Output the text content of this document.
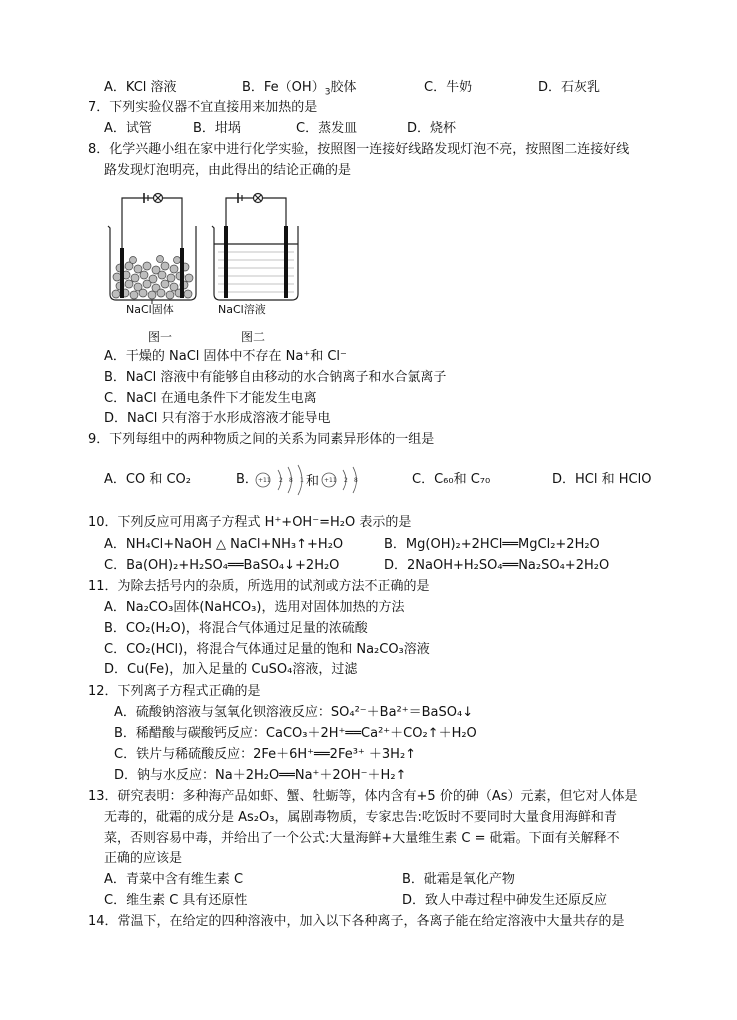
A．KCl 溶液	B．$Fe(OH)_3$胶体	C．牛奶	D．石灰乳
7．下列实验仪器不宜直接用来加热的是
A．试管	B．坩埚	C．蒸发皿	D．烧杯
8．化学兴趣小组在家中进行化学实验，按照图一连接好线路发现灯泡不亮，按照图二连接好线
路发现灯泡明亮，由此得出的结论正确的是
NaCl固体	NaCl溶液
图一	图二
A．干燥的 NaCl 固体中不存在 Na⁺和 Cl⁻
B．NaCl 溶液中有能够自由移动的水合钠离子和水合氯离子
C．NaCl 在通电条件下才能发生电离
D．NaCl 只有溶于水形成溶液才能导电
9．下列每组中的两种物质之间的关系为同素异形体的一组是
A．CO 和 CO₂	B． +11 2 8 1	+11 2 8
和	C．C₆₀和 C₇₀	D．HCl 和 HClO
10．下列反应可用离子方程式 H⁺+OH⁻=H₂O 表示的是
A．NH₄Cl+NaOH △ NaCl+NH₃↑+H₂O	B．Mg(OH)₂+2HCl══MgCl₂+2H₂O
C．Ba(OH)₂+H₂SO₄══BaSO₄↓+2H₂O	D．2NaOH+H₂SO₄══Na₂SO₄+2H₂O
11．为除去括号内的杂质，所选用的试剂或方法不正确的是
A．Na₂CO₃固体(NaHCO₃)，选用对固体加热的方法
B．CO₂(H₂O)，将混合气体通过足量的浓硫酸
C．CO₂(HCl)，将混合气体通过足量的饱和 Na₂CO₃溶液
D．Cu(Fe)，加入足量的 CuSO₄溶液，过滤
12．下列离子方程式正确的是
A．硫酸钠溶液与氢氧化钡溶液反应：SO₄²⁻＋Ba²⁺＝BaSO₄↓
B．稀醋酸与碳酸钙反应：CaCO₃＋2H⁺══Ca²⁺＋CO₂↑＋H₂O
C．铁片与稀硫酸反应：2Fe＋6H⁺══2Fe³⁺ ＋3H₂↑
D．钠与水反应：Na＋2H₂O══Na⁺＋2OH⁻＋H₂↑
13．研究表明：多种海产品如虾、蟹、牡蛎等，体内含有+5 价的砷（As）元素，但它对人体是
无毒的，砒霜的成分是 As₂O₃，属剧毒物质，专家忠告:吃饭时不要同时大量食用海鲜和青
菜，否则容易中毒，并给出了一个公式:大量海鲜+大量维生素 C = 砒霜。下面有关解释不
正确的应该是
A．青菜中含有维生素 C	B．砒霜是氧化产物
C．维生素 C 具有还原性	D．致人中毒过程中砷发生还原反应
14．常温下，在给定的四种溶液中，加入以下各种离子，各离子能在给定溶液中大量共存的是
